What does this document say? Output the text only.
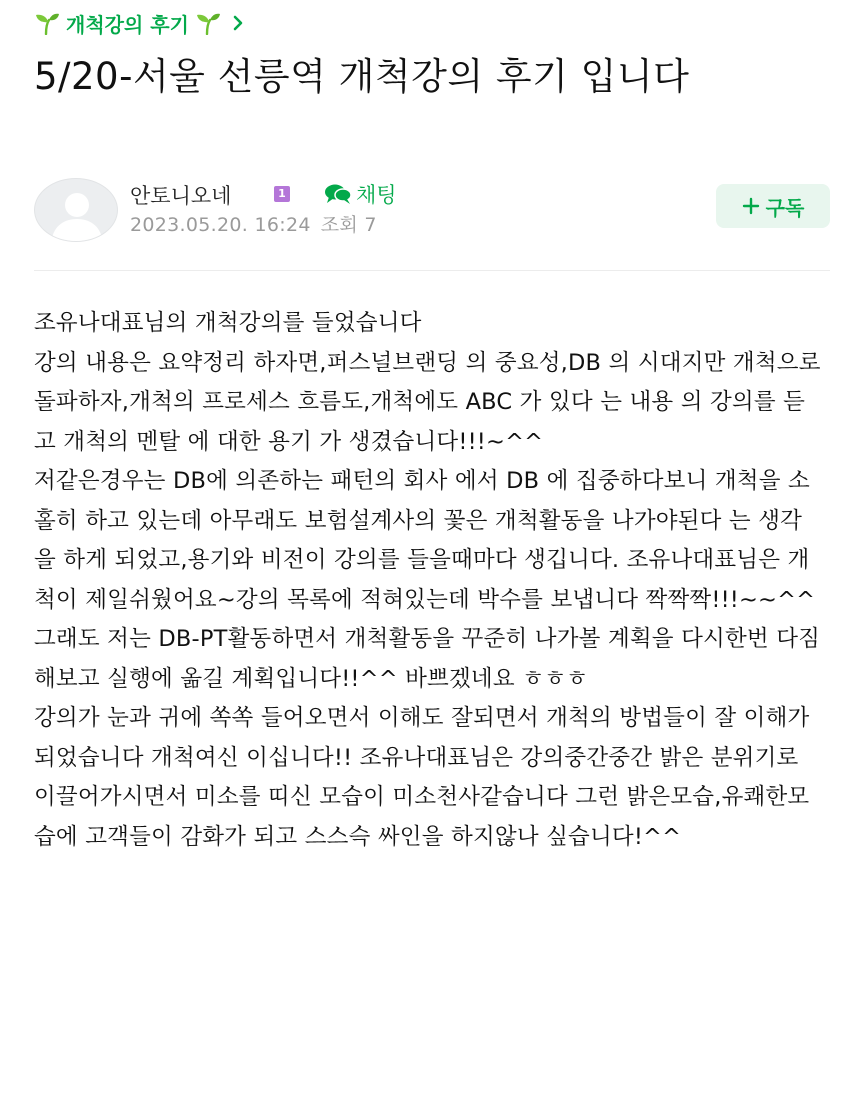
개척강의 후기
5/20-서울 선릉역 개척강의 후기 입니다
안토니오네	1	채팅
2023.05.20. 16:24 조회 7
구독

조유나대표님의 개척강의를 들었습니다

강의 내용은 요약정리 하자면,퍼스널브랜딩 의 중요성,DB 의 시대지만 개척으로 돌파하자,개척의 프로세스 흐름도,개척에도 ABC 가 있다 는 내용 의 강의를 듣고 개척의 멘탈 에 대한 용기 가 생겼습니다!!!~^^

저같은경우는 DB에 의존하는 패턴의 회사 에서 DB 에 집중하다보니 개척을 소홀히 하고 있는데 아무래도 보험설계사의 꽃은 개척활동을 나가야된다 는 생각을 하게 되었고,용기와 비전이 강의를 들을때마다 생깁니다. 조유나대표님은 개척이 제일쉬웠어요~강의 목록에 적혀있는데 박수를 보냅니다 짝짝짝!!!~~^^

그래도 저는 DB-PT활동하면서 개척활동을 꾸준히 나가볼 계획을 다시한번 다짐해보고 실행에 옮길 계획입니다!!^^ 바쁘겠네요 ㅎㅎㅎ

강의가 눈과 귀에 쏙쏙 들어오면서 이해도 잘되면서 개척의 방법들이 잘 이해가 되었습니다 개척여신 이십니다!! 조유나대표님은 강의중간중간 밝은 분위기로 이끌어가시면서 미소를 띠신 모습이 미소천사같습니다 그런 밝은모습,유쾌한모습에 고객들이 감화가 되고 스스슥 싸인을 하지않나 싶습니다!^^
